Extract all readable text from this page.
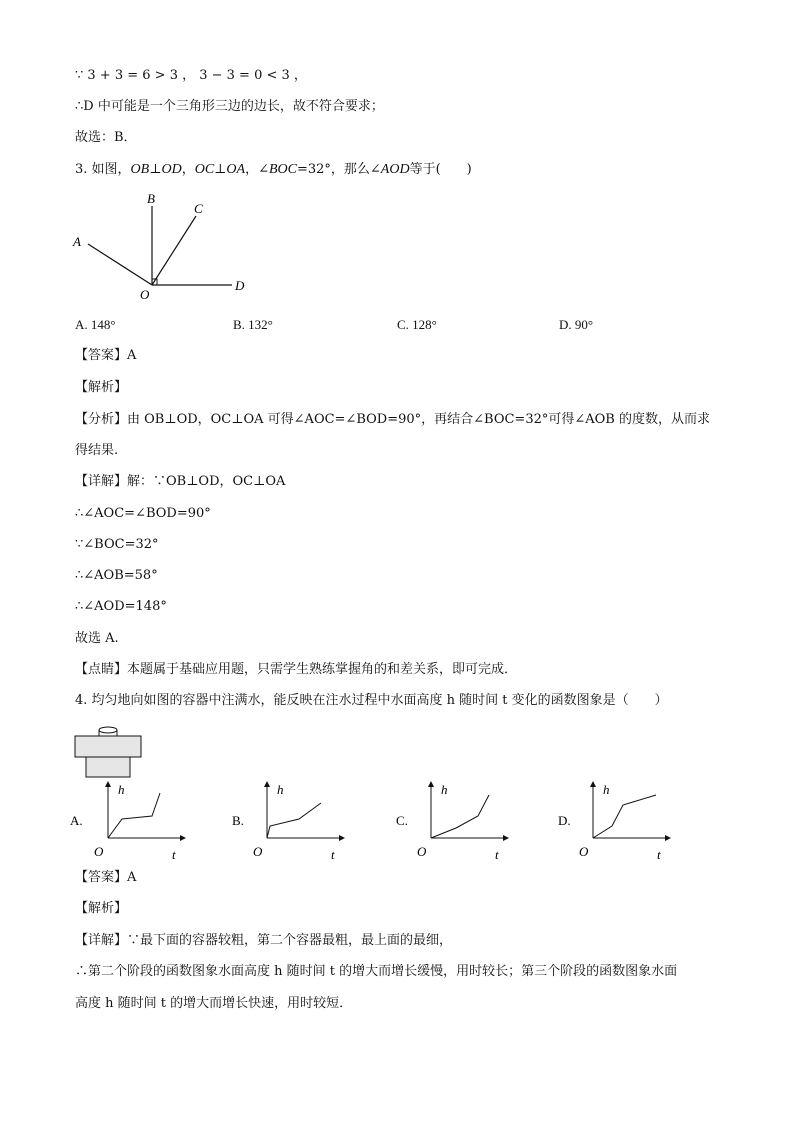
∵ 3 + 3 = 6 > 3 ， 3 − 3 = 0 < 3 ，
∴D 中可能是一个三角形三边的边长，故不符合要求；
故选：B．
3. 如图，OB⊥OD，OC⊥OA，∠BOC=32°，那么∠AOD等于(　　)
B
C
A
D
O
A. 148°	B. 132°	C. 128°	D. 90°
【答案】A
【解析】
【分析】由 OB⊥OD，OC⊥OA 可得∠AOC=∠BOD=90°，再结合∠BOC=32°可得∠AOB 的度数，从而求
得结果.
【详解】解：∵OB⊥OD，OC⊥OA
∴∠AOC=∠BOD=90°
∵∠BOC=32°
∴∠AOB=58°
∴∠AOD=148°
故选 A.
【点睛】本题属于基础应用题，只需学生熟练掌握角的和差关系，即可完成．
4. 均匀地向如图的容器中注满水，能反映在注水过程中水面高度 h 随时间 t 变化的函数图象是（　　）
A.
h
t
O
B.
h
t
O
C.
h
t
O
D.
h
t
O
【答案】A
【解析】
【详解】∵最下面的容器较粗，第二个容器最粗，最上面的最细，
∴第二个阶段的函数图象水面高度 h 随时间 t 的增大而增长缓慢，用时较长；第三个阶段的函数图象水面
高度 h 随时间 t 的增大而增长快速，用时较短．
